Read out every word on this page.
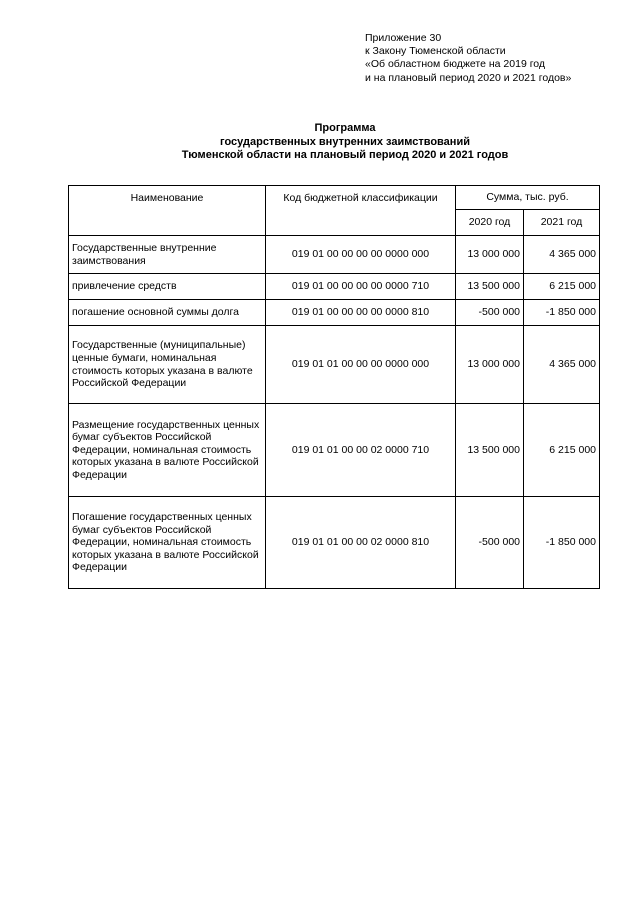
Приложение 30
к Закону Тюменской области
«Об областном бюджете на 2019 год
и на плановый период 2020 и 2021 годов»
Программа
государственных внутренних заимствований
Тюменской области на плановый период 2020 и 2021 годов
Наименование	Код бюджетной классификации	Сумма, тыс. руб.	
		2020 год	2021 год
Государственные внутренние заимствования	019 01 00 00 00 00 0000 000	13 000 000	4 365 000
привлечение средств	019 01 00 00 00 00 0000 710	13 500 000	6 215 000
погашение основной суммы долга	019 01 00 00 00 00 0000 810	-500 000	-1 850 000
Государственные (муниципальные) ценные бумаги, номинальная стоимость которых указана в валюте Российской Федерации	019 01 01 00 00 00 0000 000	13 000 000	4 365 000
Размещение государственных ценных бумаг субъектов Российской Федерации, номинальная стоимость которых указана в валюте Российской Федерации	019 01 01 00 00 02 0000 710	13 500 000	6 215 000
Погашение государственных ценных бумаг субъектов Российской Федерации, номинальная стоимость которых указана в валюте Российской Федерации	019 01 01 00 00 02 0000 810	-500 000	-1 850 000
